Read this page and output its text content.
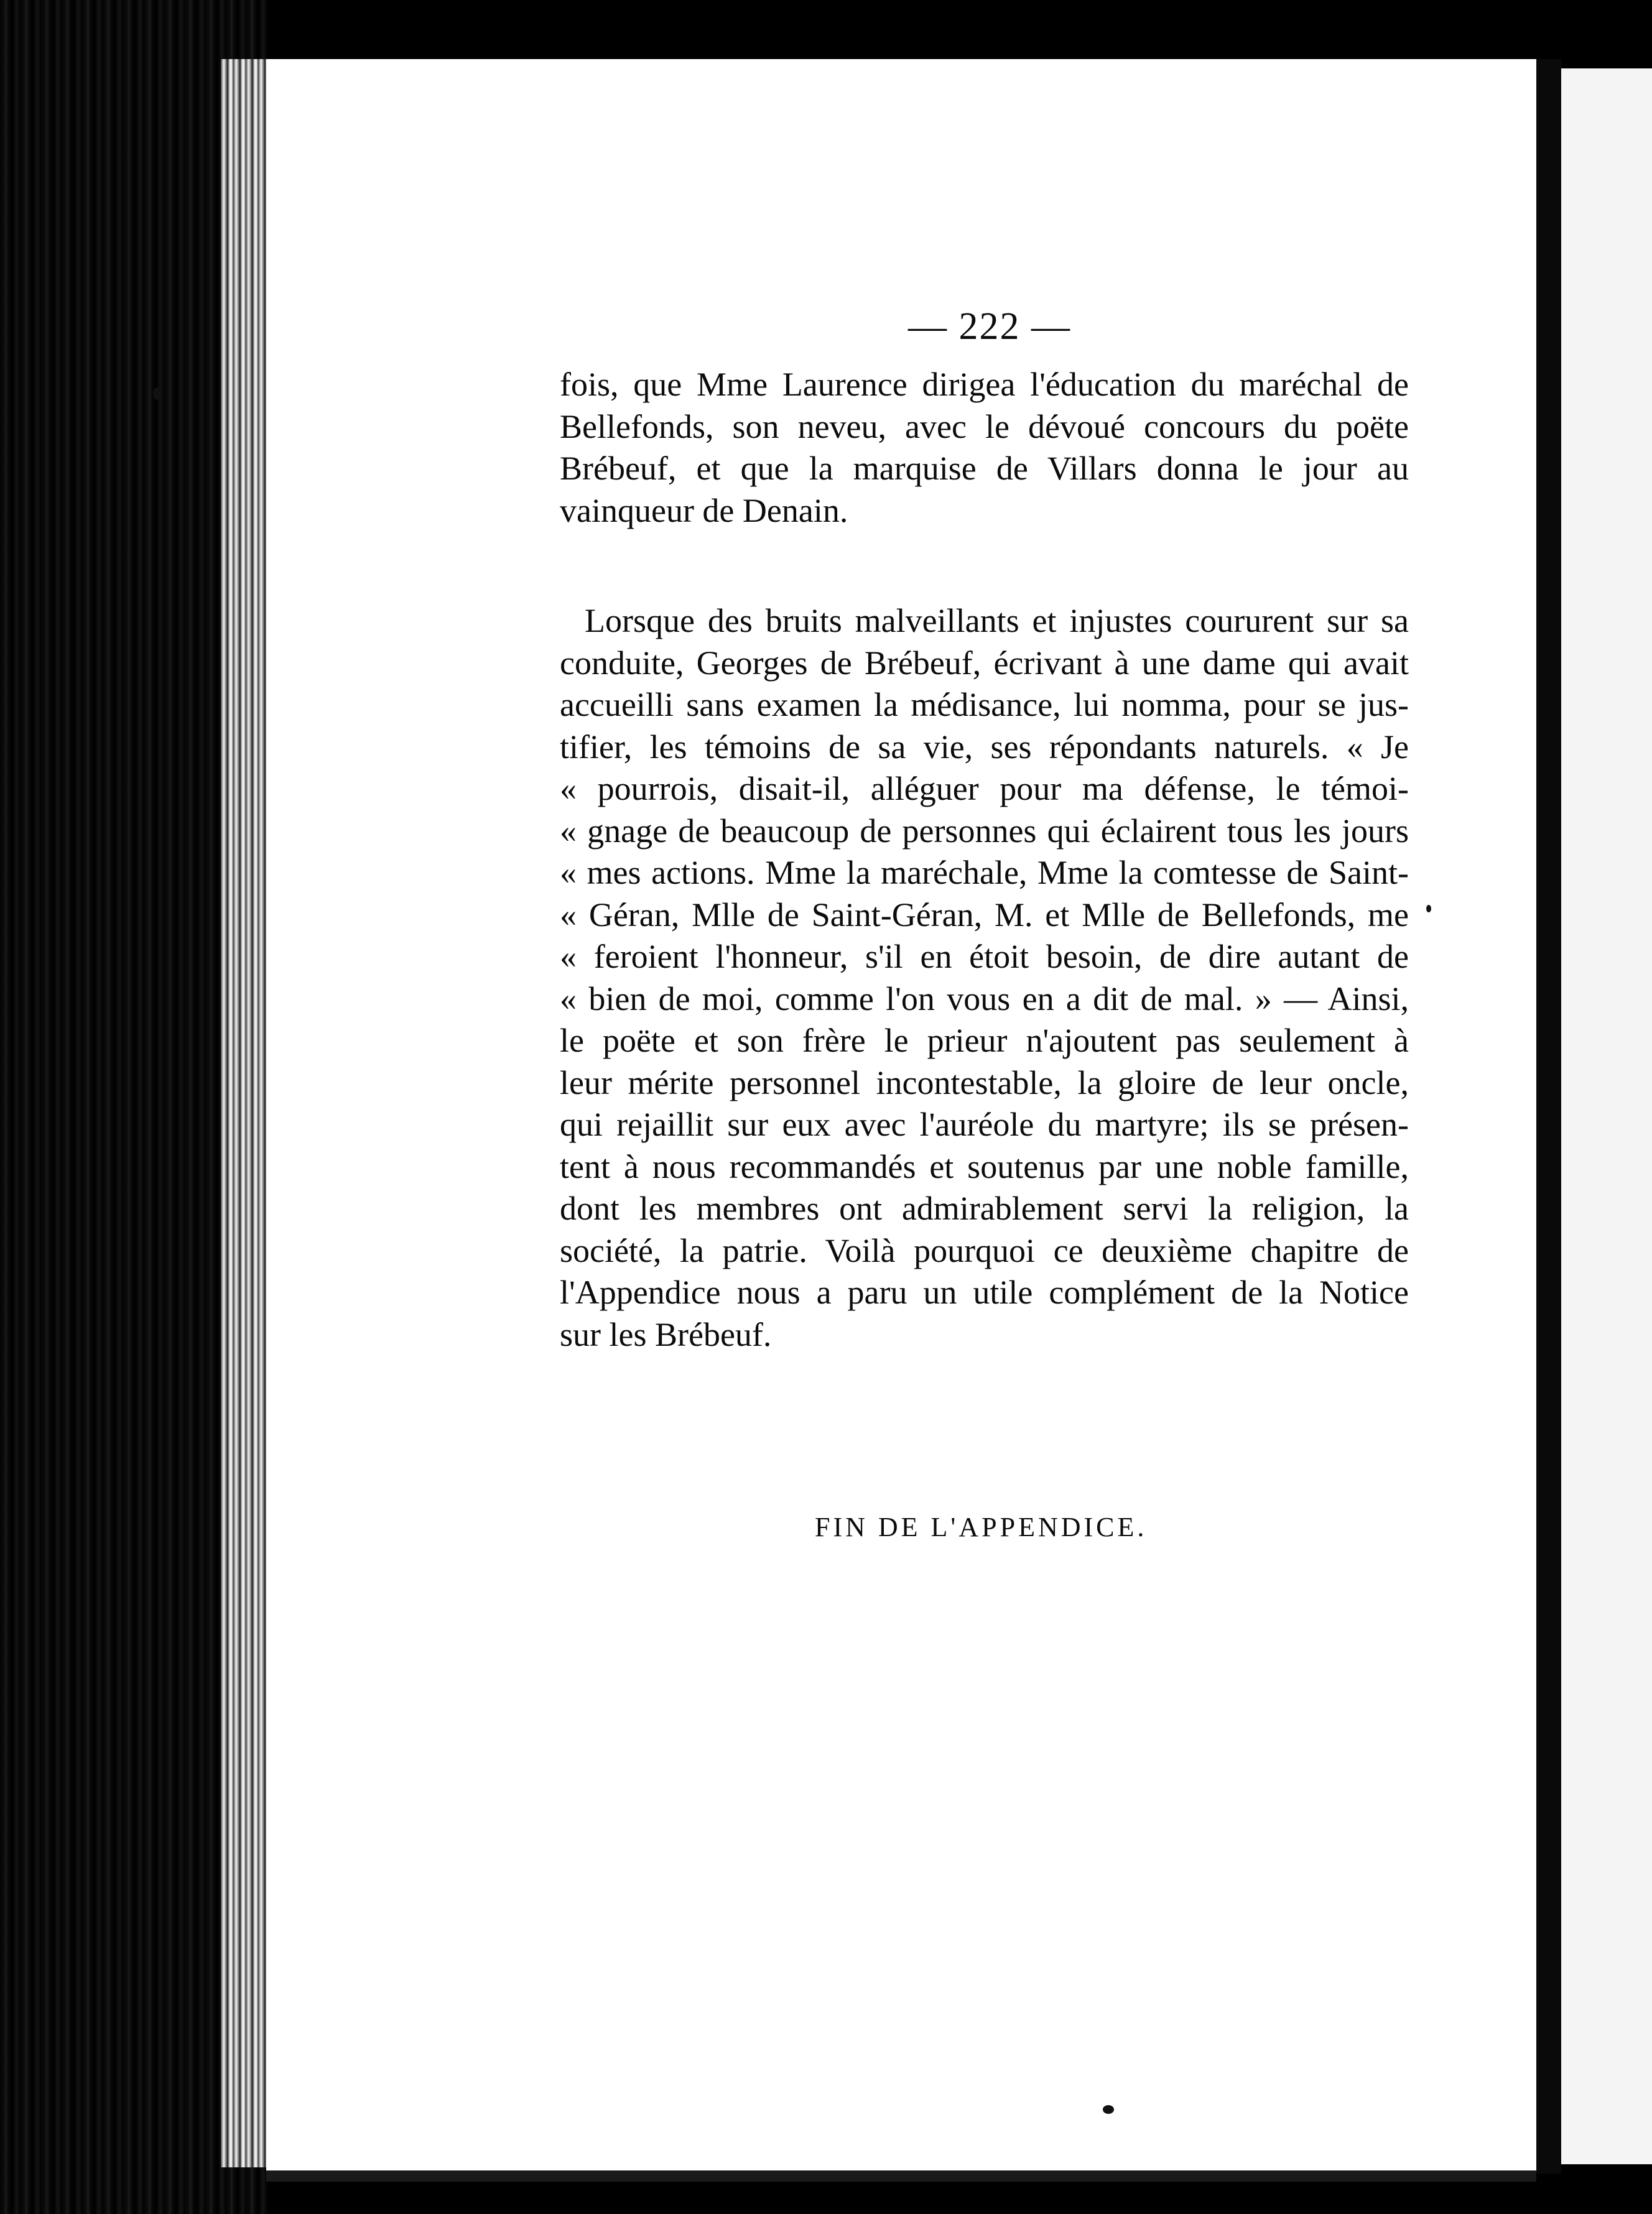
— 222 —
fois, que Mme Laurence dirigea l'éducation du maréchal de
Bellefonds, son neveu, avec le dévoué concours du poëte
Brébeuf, et que la marquise de Villars donna le jour au
vainqueur de Denain.
Lorsque des bruits malveillants et injustes coururent sur sa
conduite, Georges de Brébeuf, écrivant à une dame qui avait
accueilli sans examen la médisance, lui nomma, pour se jus-
tifier, les témoins de sa vie, ses répondants naturels. « Je
« pourrois, disait-il, alléguer pour ma défense, le témoi-
« gnage de beaucoup de personnes qui éclairent tous les jours
« mes actions. Mme la maréchale, Mme la comtesse de Saint-
« Géran, Mlle de Saint-Géran, M. et Mlle de Bellefonds, me
« feroient l'honneur, s'il en étoit besoin, de dire autant de
« bien de moi, comme l'on vous en a dit de mal. » — Ainsi,
le poëte et son frère le prieur n'ajoutent pas seulement à
leur mérite personnel incontestable, la gloire de leur oncle,
qui rejaillit sur eux avec l'auréole du martyre; ils se présen-
tent à nous recommandés et soutenus par une noble famille,
dont les membres ont admirablement servi la religion, la
société, la patrie. Voilà pourquoi ce deuxième chapitre de
l'Appendice nous a paru un utile complément de la Notice
sur les Brébeuf.
FIN DE L'APPENDICE.
